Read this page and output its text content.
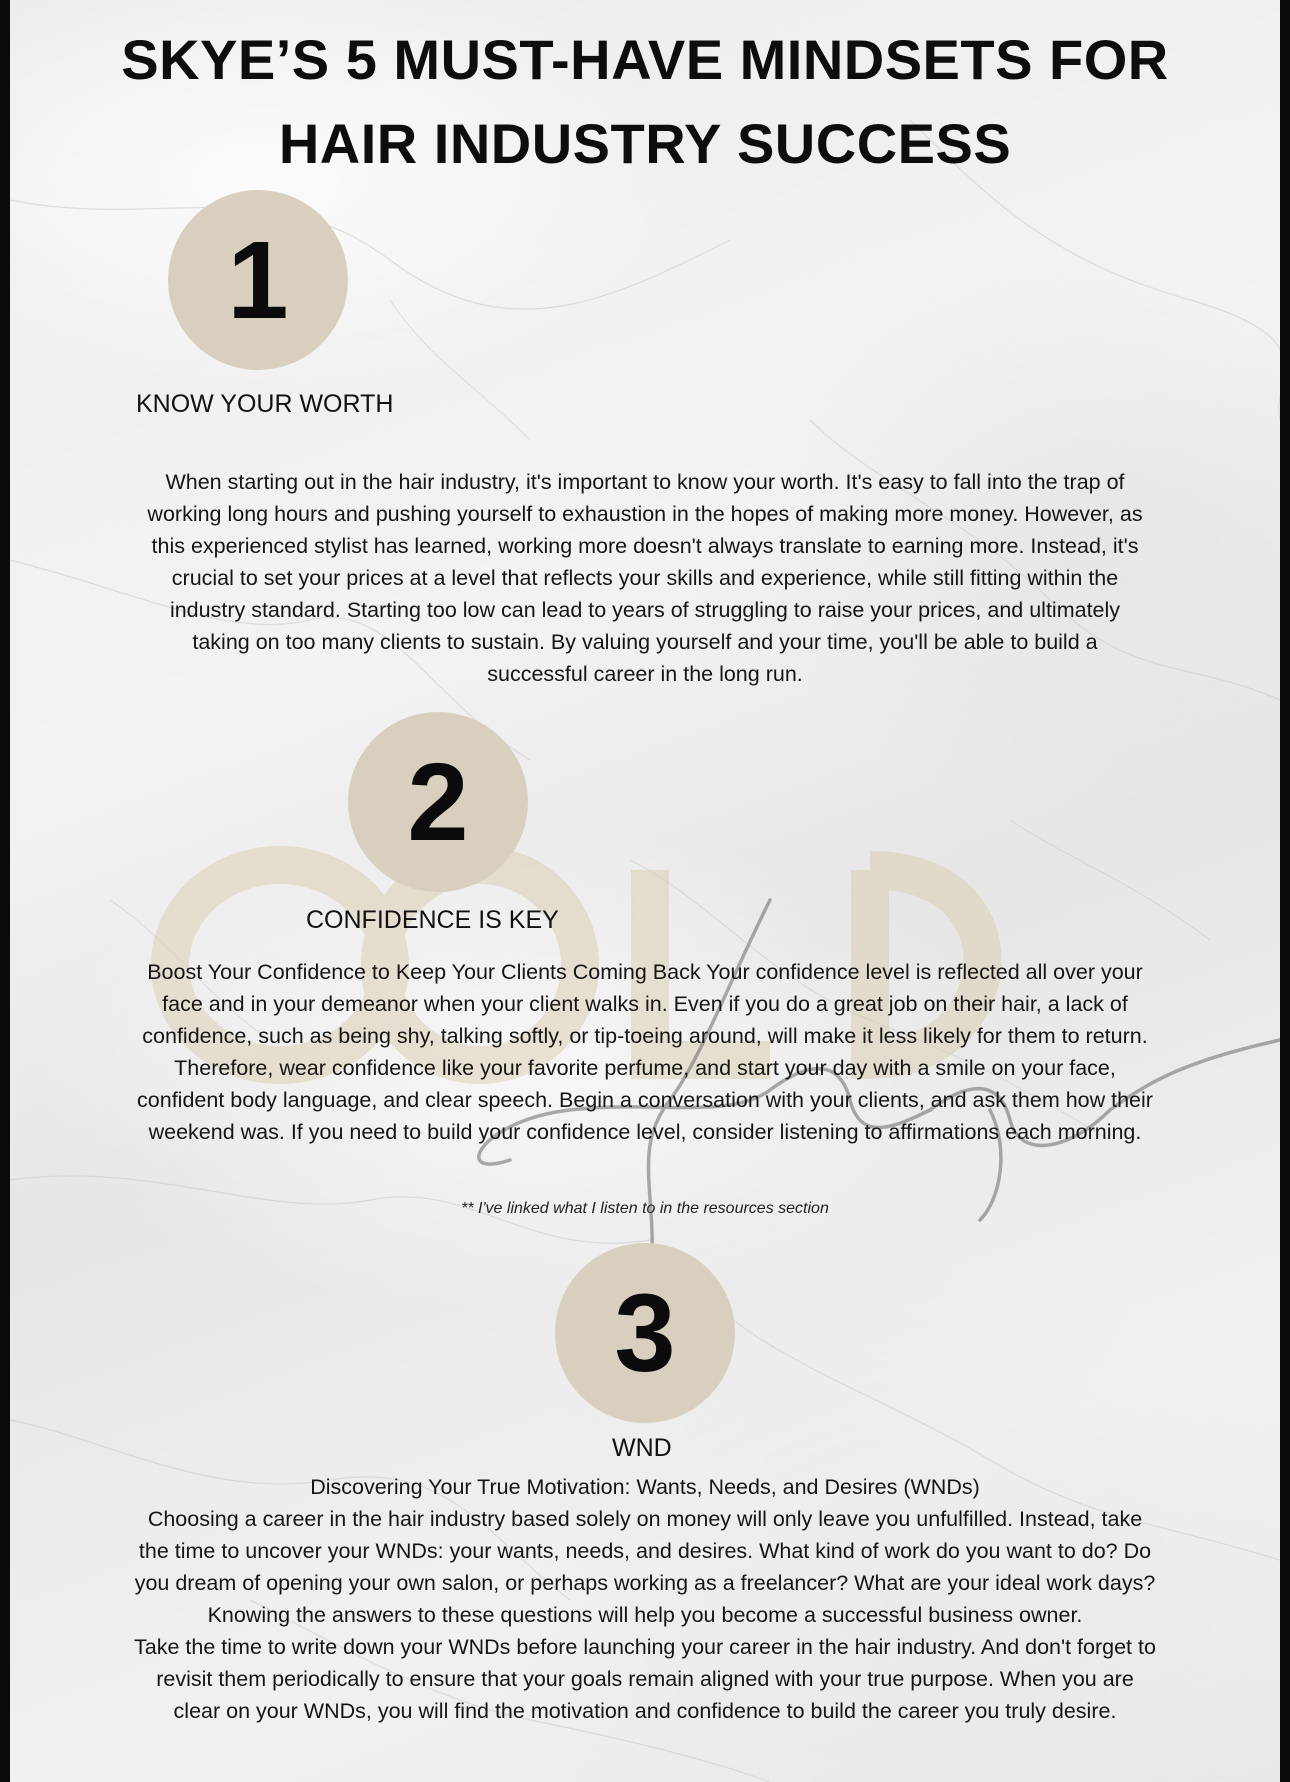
SKYE’S 5 MUST-HAVE MINDSETS FOR
HAIR INDUSTRY SUCCESS
1
KNOW YOUR WORTH
When starting out in the hair industry, it's important to know your worth. It's easy to fall into the trap of
working long hours and pushing yourself to exhaustion in the hopes of making more money. However, as
this experienced stylist has learned, working more doesn't always translate to earning more. Instead, it's
crucial to set your prices at a level that reflects your skills and experience, while still fitting within the
industry standard. Starting too low can lead to years of struggling to raise your prices, and ultimately
taking on too many clients to sustain. By valuing yourself and your time, you'll be able to build a
successful career in the long run.
2
CONFIDENCE IS KEY
Boost Your Confidence to Keep Your Clients Coming Back Your confidence level is reflected all over your
face and in your demeanor when your client walks in. Even if you do a great job on their hair, a lack of
confidence, such as being shy, talking softly, or tip-toeing around, will make it less likely for them to return.
Therefore, wear confidence like your favorite perfume, and start your day with a smile on your face,
confident body language, and clear speech. Begin a conversation with your clients, and ask them how their
weekend was. If you need to build your confidence level, consider listening to affirmations each morning.
** I've linked what I listen to in the resources section
3
WND
Discovering Your True Motivation: Wants, Needs, and Desires (WNDs)
Choosing a career in the hair industry based solely on money will only leave you unfulfilled. Instead, take
the time to uncover your WNDs: your wants, needs, and desires. What kind of work do you want to do? Do
you dream of opening your own salon, or perhaps working as a freelancer? What are your ideal work days?
Knowing the answers to these questions will help you become a successful business owner.
Take the time to write down your WNDs before launching your career in the hair industry. And don't forget to
revisit them periodically to ensure that your goals remain aligned with your true purpose. When you are
clear on your WNDs, you will find the motivation and confidence to build the career you truly desire.
